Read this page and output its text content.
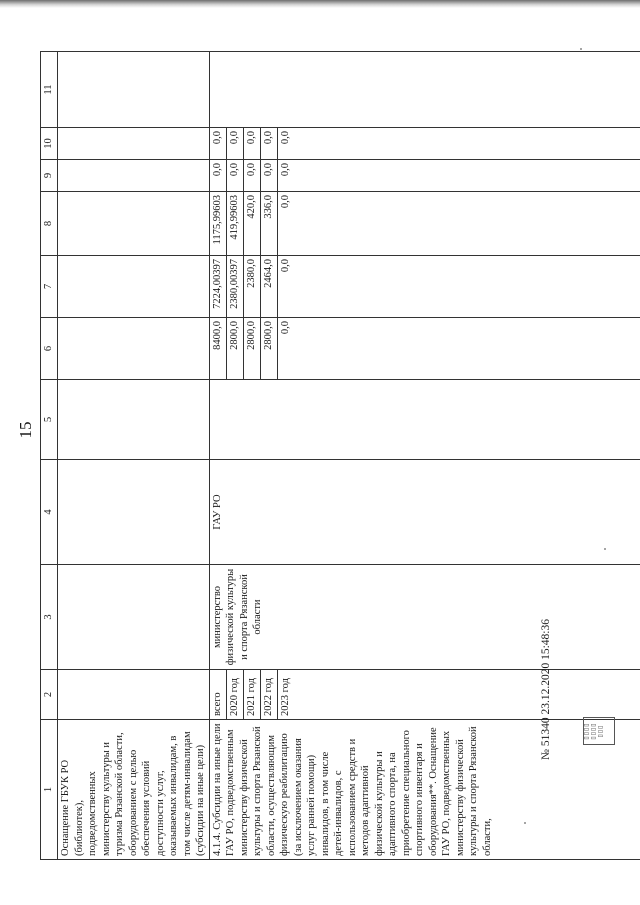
15
1	2	3	4	5	6	7	8	9	10	11
Оснащение ГБУК РО (библиотек), подведомственных министерству культуры и туризма Рязанской области, оборудованием с целью обеспечения условий доступности услуг, оказываемых инвалидам, в том числе детям-инвалидам (субсидии на иные цели)										
4.1.4. Субсидии на иные цели ГАУ РО, подведомственным министерству физической культуры и спорта Рязанской области, осуществляющим физическую реабилитацию (за исключением оказания услуг ранней помощи) инвалидов, в том числе детей-инвалидов, с использованием средств и методов адаптивной физической культуры и адаптивного спорта, на приобретение специального спортивного инвентаря и оборудования**. Оснащение ГАУ РО, подведомственных министерству физической культуры и спорта Рязанской области,	всего	министерство физической культуры и спорта Рязанской области	ГАУ РО		8400,0	7224,00397	1175,99603	0,0	0,0	
	2020 год				2800,0	2380,00397	419,99603	0,0	0,0	
	2021 год				2800,0	2380,0	420,0	0,0	0,0	
	2022 год				2800,0	2464,0	336,0	0,0	0,0	
	2023 год				0,0	0,0	0,0	0,0	0,0	
▯▯▯▯ ▯▯▯▯ ▯▯▯
№ 51340 23.12.2020 15:48:36
